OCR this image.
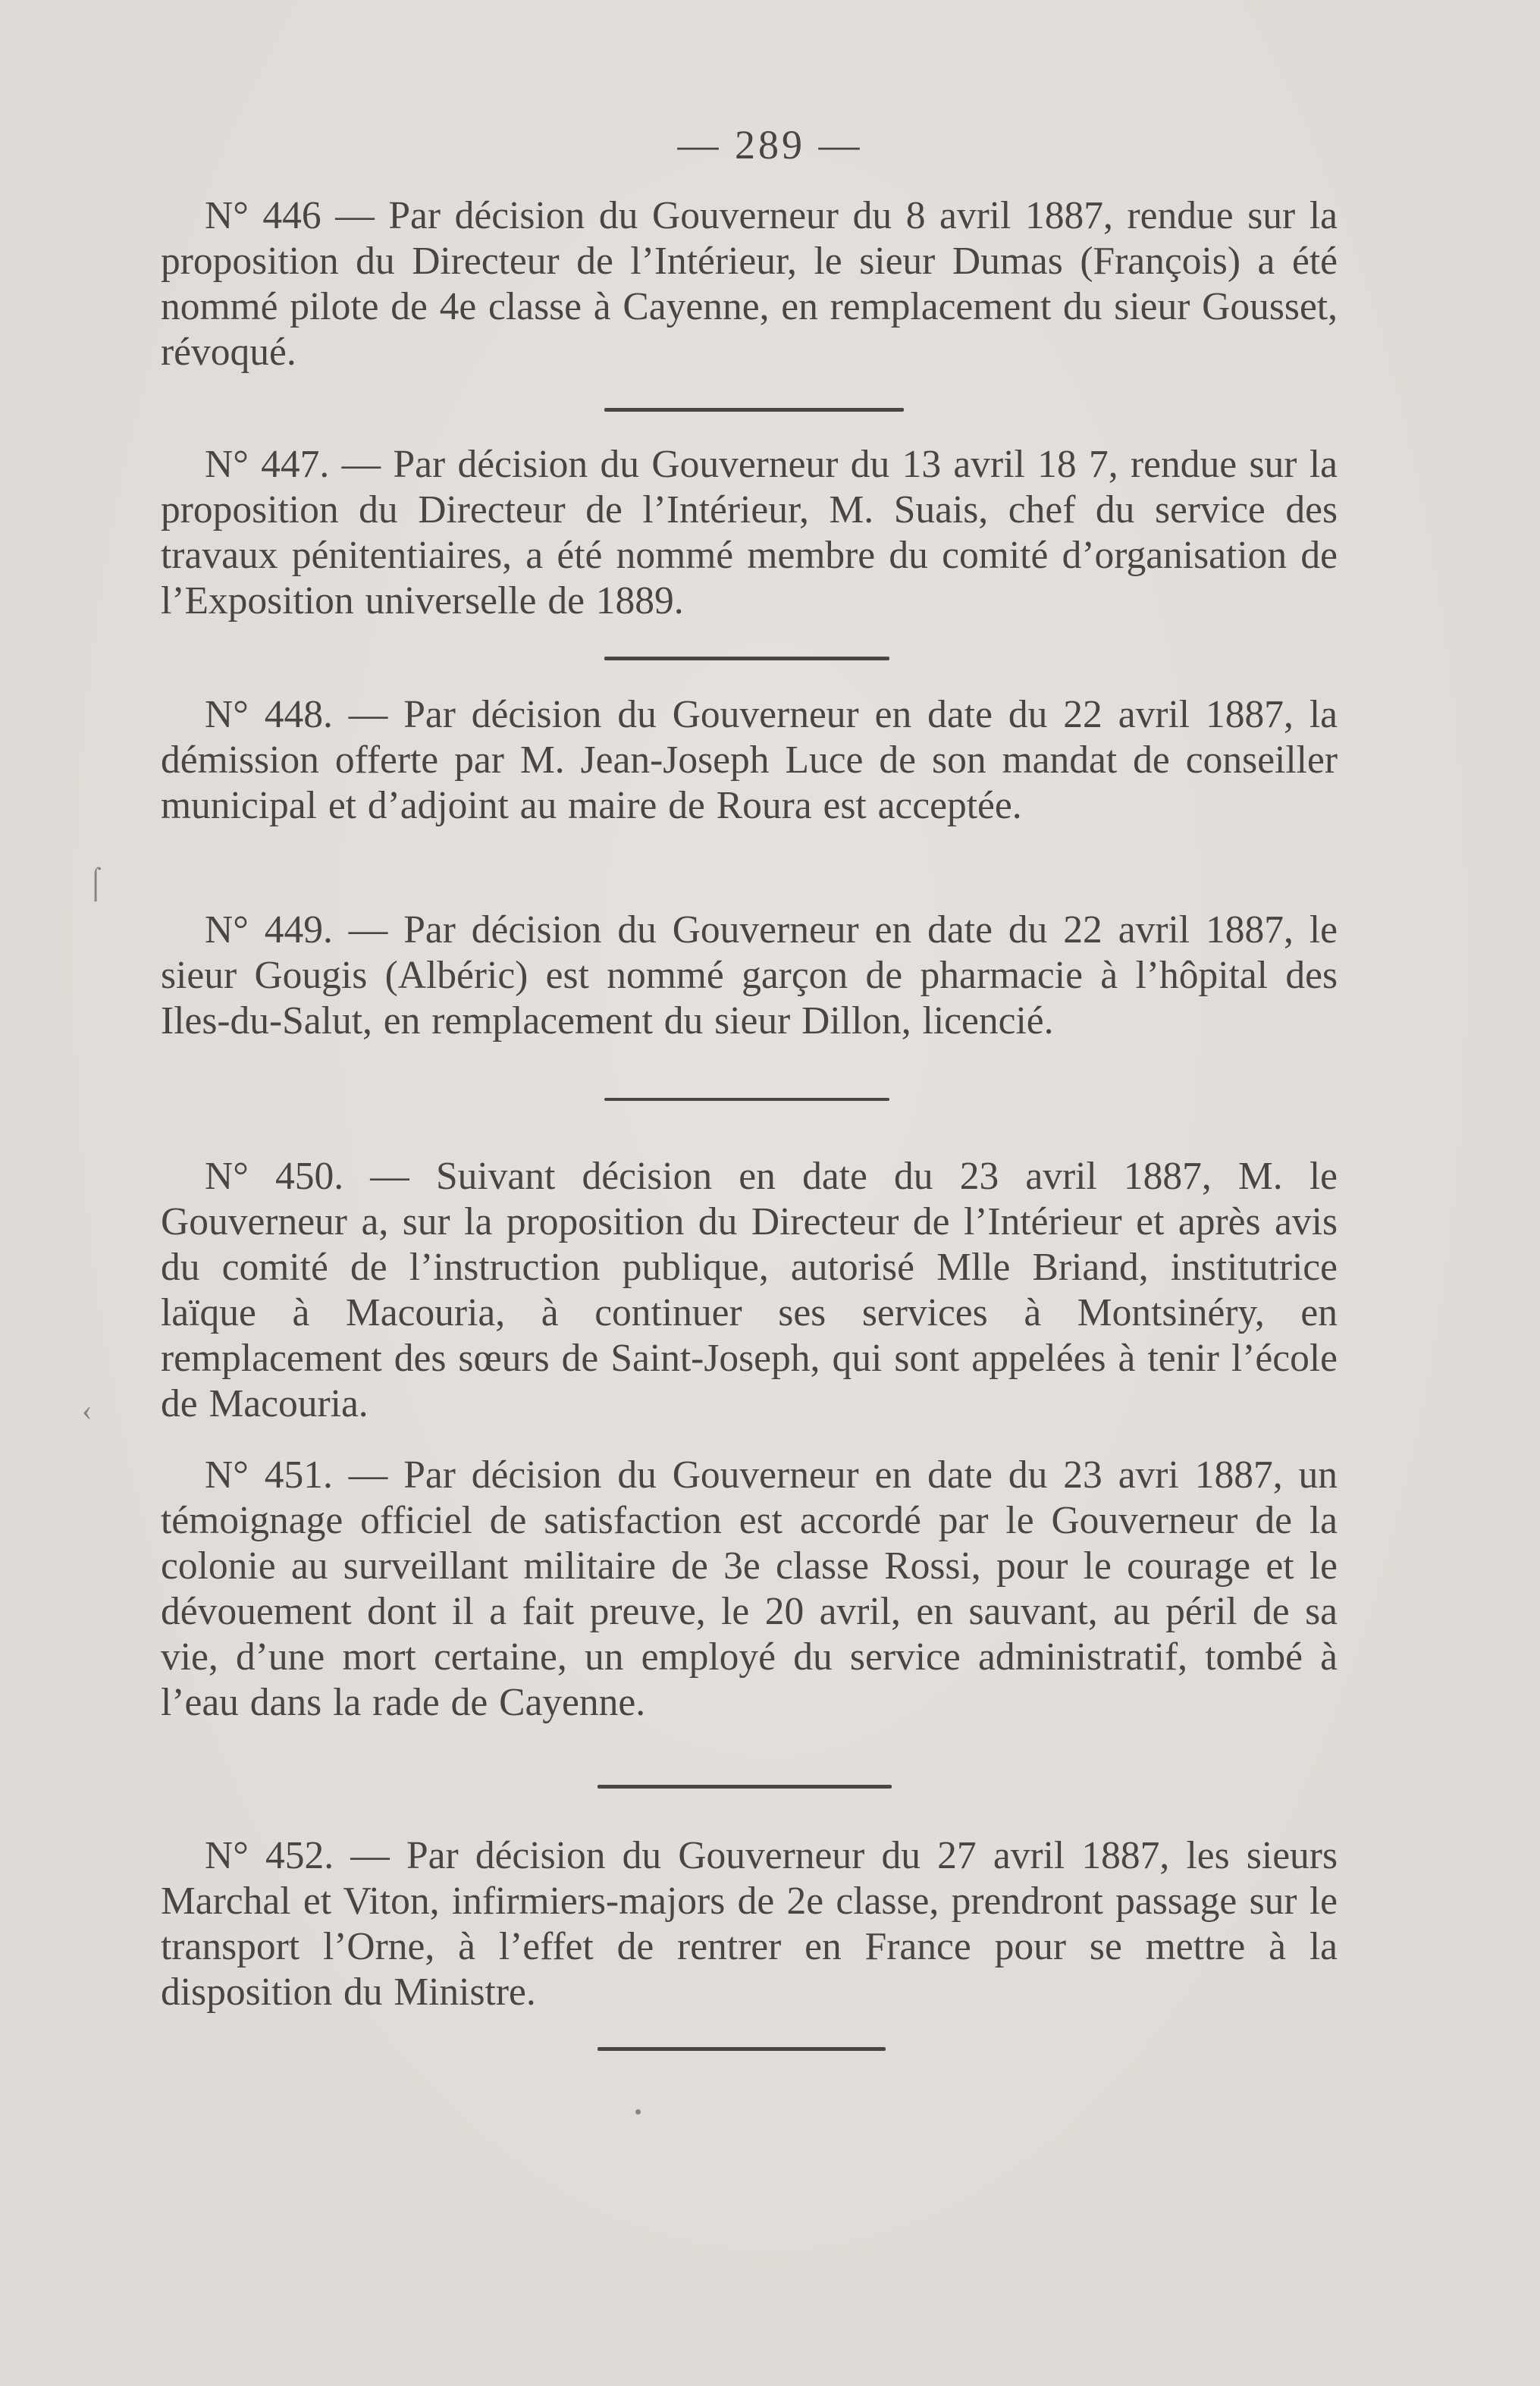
— 289 —

N° 446 — Par décision du Gouverneur du 8 avril 1887, rendue sur la proposition du Directeur de l’Intérieur, le sieur Dumas (François) a été nommé pilote de 4e classe à Cayenne, en remplacement du sieur Gousset, révoqué.

N° 447. — Par décision du Gouverneur du 13 avril 18 7, rendue sur la proposition du Directeur de l’Intérieur, M. Suais, chef du service des travaux pénitentiaires, a été nommé membre du comité d’organisation de l’Exposition universelle de 1889.

N° 448. — Par décision du Gouverneur en date du 22 avril 1887, la démission offerte par M. Jean-Joseph Luce de son mandat de conseiller municipal et d’adjoint au maire de Roura est acceptée.

N° 449. — Par décision du Gouverneur en date du 22 avril 1887, le sieur Gougis (Albéric) est nommé garçon de pharmacie à l’hôpital des Iles-du-Salut, en remplacement du sieur Dillon, licencié.

N° 450. — Suivant décision en date du 23 avril 1887, M. le Gouverneur a, sur la proposition du Directeur de l’Intérieur et après avis du comité de l’instruction publique, autorisé Mlle Briand, institutrice laïque à Macouria, à continuer ses services à Montsinéry, en remplacement des sœurs de Saint-Joseph, qui sont appelées à tenir l’école de Macouria.

N° 451. — Par décision du Gouverneur en date du 23 avri 1887, un témoignage officiel de satisfaction est accordé par le Gouverneur de la colonie au surveillant militaire de 3e classe Rossi, pour le courage et le dévouement dont il a fait preuve, le 20 avril, en sauvant, au péril de sa vie, d’une mort certaine, un employé du service administratif, tombé à l’eau dans la rade de Cayenne.

N° 452. — Par décision du Gouverneur du 27 avril 1887, les sieurs Marchal et Viton, infirmiers-majors de 2e classe, prendront passage sur le transport l’Orne, à l’effet de rentrer en France pour se mettre à la disposition du Ministre.

⌠
‹
